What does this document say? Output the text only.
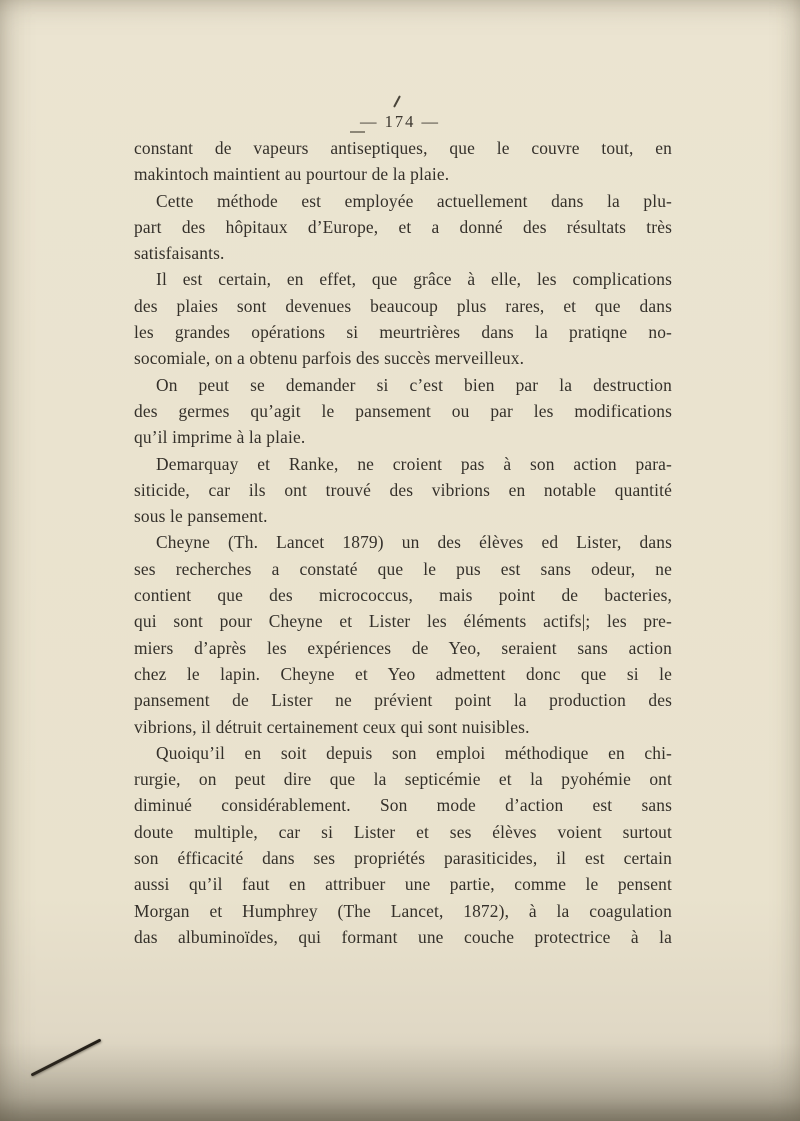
— 174 —
constant de vapeurs antiseptiques, que le couvre tout, en
makintoch maintient au pourtour de la plaie.
Cette méthode est employée actuellement dans la plu-
part des hôpitaux d’Europe, et a donné des résultats très
satisfaisants.
Il est certain, en effet, que grâce à elle, les complications
des plaies sont devenues beaucoup plus rares, et que dans
les grandes opérations si meurtrières dans la pratiqne no-
socomiale, on a obtenu parfois des succès merveilleux.
On peut se demander si c’est bien par la destruction
des germes qu’agit le pansement ou par les modifications
qu’il imprime à la plaie.
Demarquay et Ranke, ne croient pas à son action para-
siticide, car ils ont trouvé des vibrions en notable quantité
sous le pansement.
Cheyne (Th. Lancet 1879) un des élèves ed Lister, dans
ses recherches a constaté que le pus est sans odeur, ne
contient que des micrococcus, mais point de bacteries,
qui sont pour Cheyne et Lister les éléments actifs|; les pre-
miers d’après les expériences de Yeo, seraient sans action
chez le lapin. Cheyne et Yeo admettent donc que si le
pansement de Lister ne prévient point la production des
vibrions, il détruit certainement ceux qui sont nuisibles.
Quoiqu’il en soit depuis son emploi méthodique en chi-
rurgie, on peut dire que la septicémie et la pyohémie ont
diminué considérablement. Son mode d’action est sans
doute multiple, car si Lister et ses élèves voient surtout
son éfficacité dans ses propriétés parasiticides, il est certain
aussi qu’il faut en attribuer une partie, comme le pensent
Morgan et Humphrey (The Lancet, 1872), à la coagulation
das albuminoïdes, qui formant une couche protectrice à la
